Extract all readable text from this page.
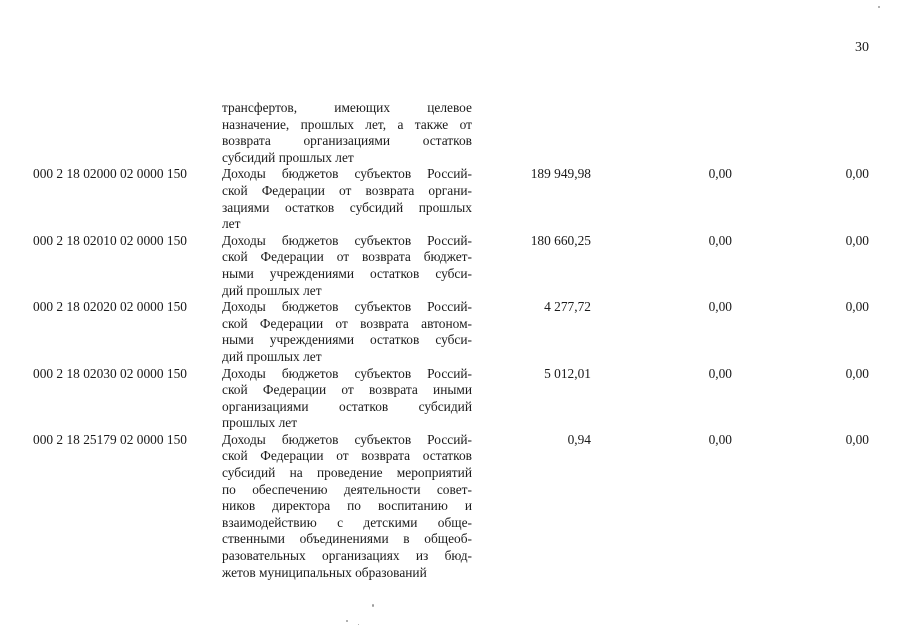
30
трансфертов, имеющих целевое
назначение, прошлых лет, а также от
возврата организациями остатков
субсидий прошлых лет
000 2 18 02000 02 0000 150	Доходы бюджетов субъектов Россий-
ской Федерации от возврата органи-
зациями остатков субсидий прошлых
лет
189 949,98	0,00	0,00
000 2 18 02010 02 0000 150	Доходы бюджетов субъектов Россий-
ской Федерации от возврата бюджет-
ными учреждениями остатков субси-
дий прошлых лет
180 660,25	0,00	0,00
000 2 18 02020 02 0000 150	Доходы бюджетов субъектов Россий-
ской Федерации от возврата автоном-
ными учреждениями остатков субси-
дий прошлых лет
4 277,72	0,00	0,00
000 2 18 02030 02 0000 150	Доходы бюджетов субъектов Россий-
ской Федерации от возврата иными
организациями остатков субсидий
прошлых лет
5 012,01	0,00	0,00
000 2 18 25179 02 0000 150	Доходы бюджетов субъектов Россий-
ской Федерации от возврата остатков
субсидий на проведение мероприятий
по обеспечению деятельности совет-
ников директора по воспитанию и
взаимодействию с детскими обще-
ственными объединениями в общеоб-
разовательных организациях из бюд-
жетов муниципальных образований
0,94	0,00	0,00
